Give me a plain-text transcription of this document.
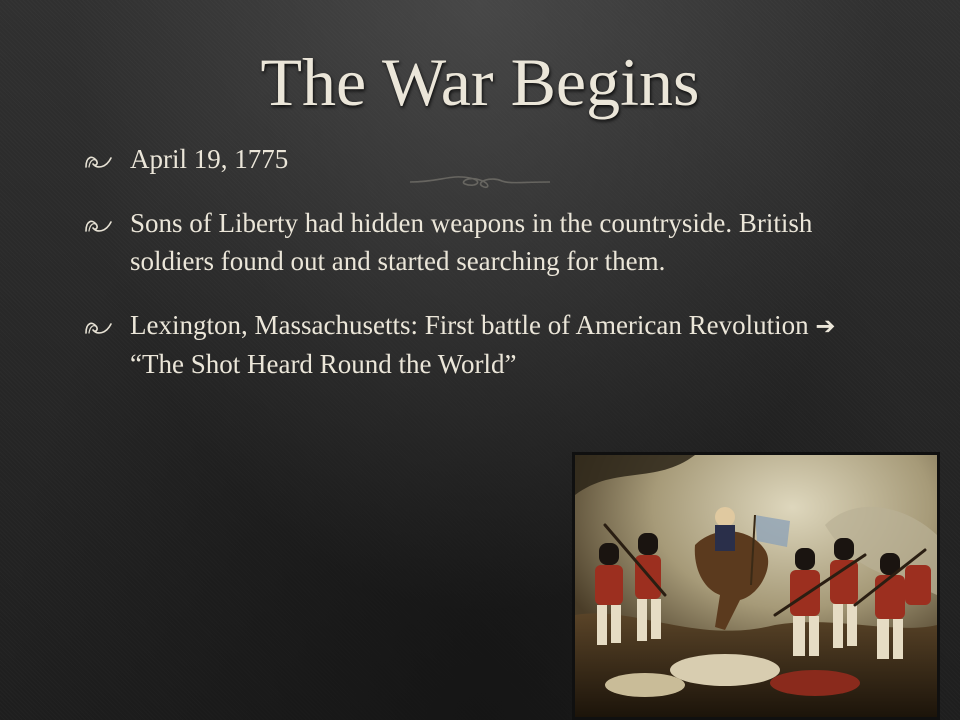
The War Begins
April 19, 1775
Sons of Liberty had hidden weapons in the countryside. British soldiers found out and started searching for them.
Lexington, Massachusetts: First battle of American Revolution ➔ “The Shot Heard Round the World”
